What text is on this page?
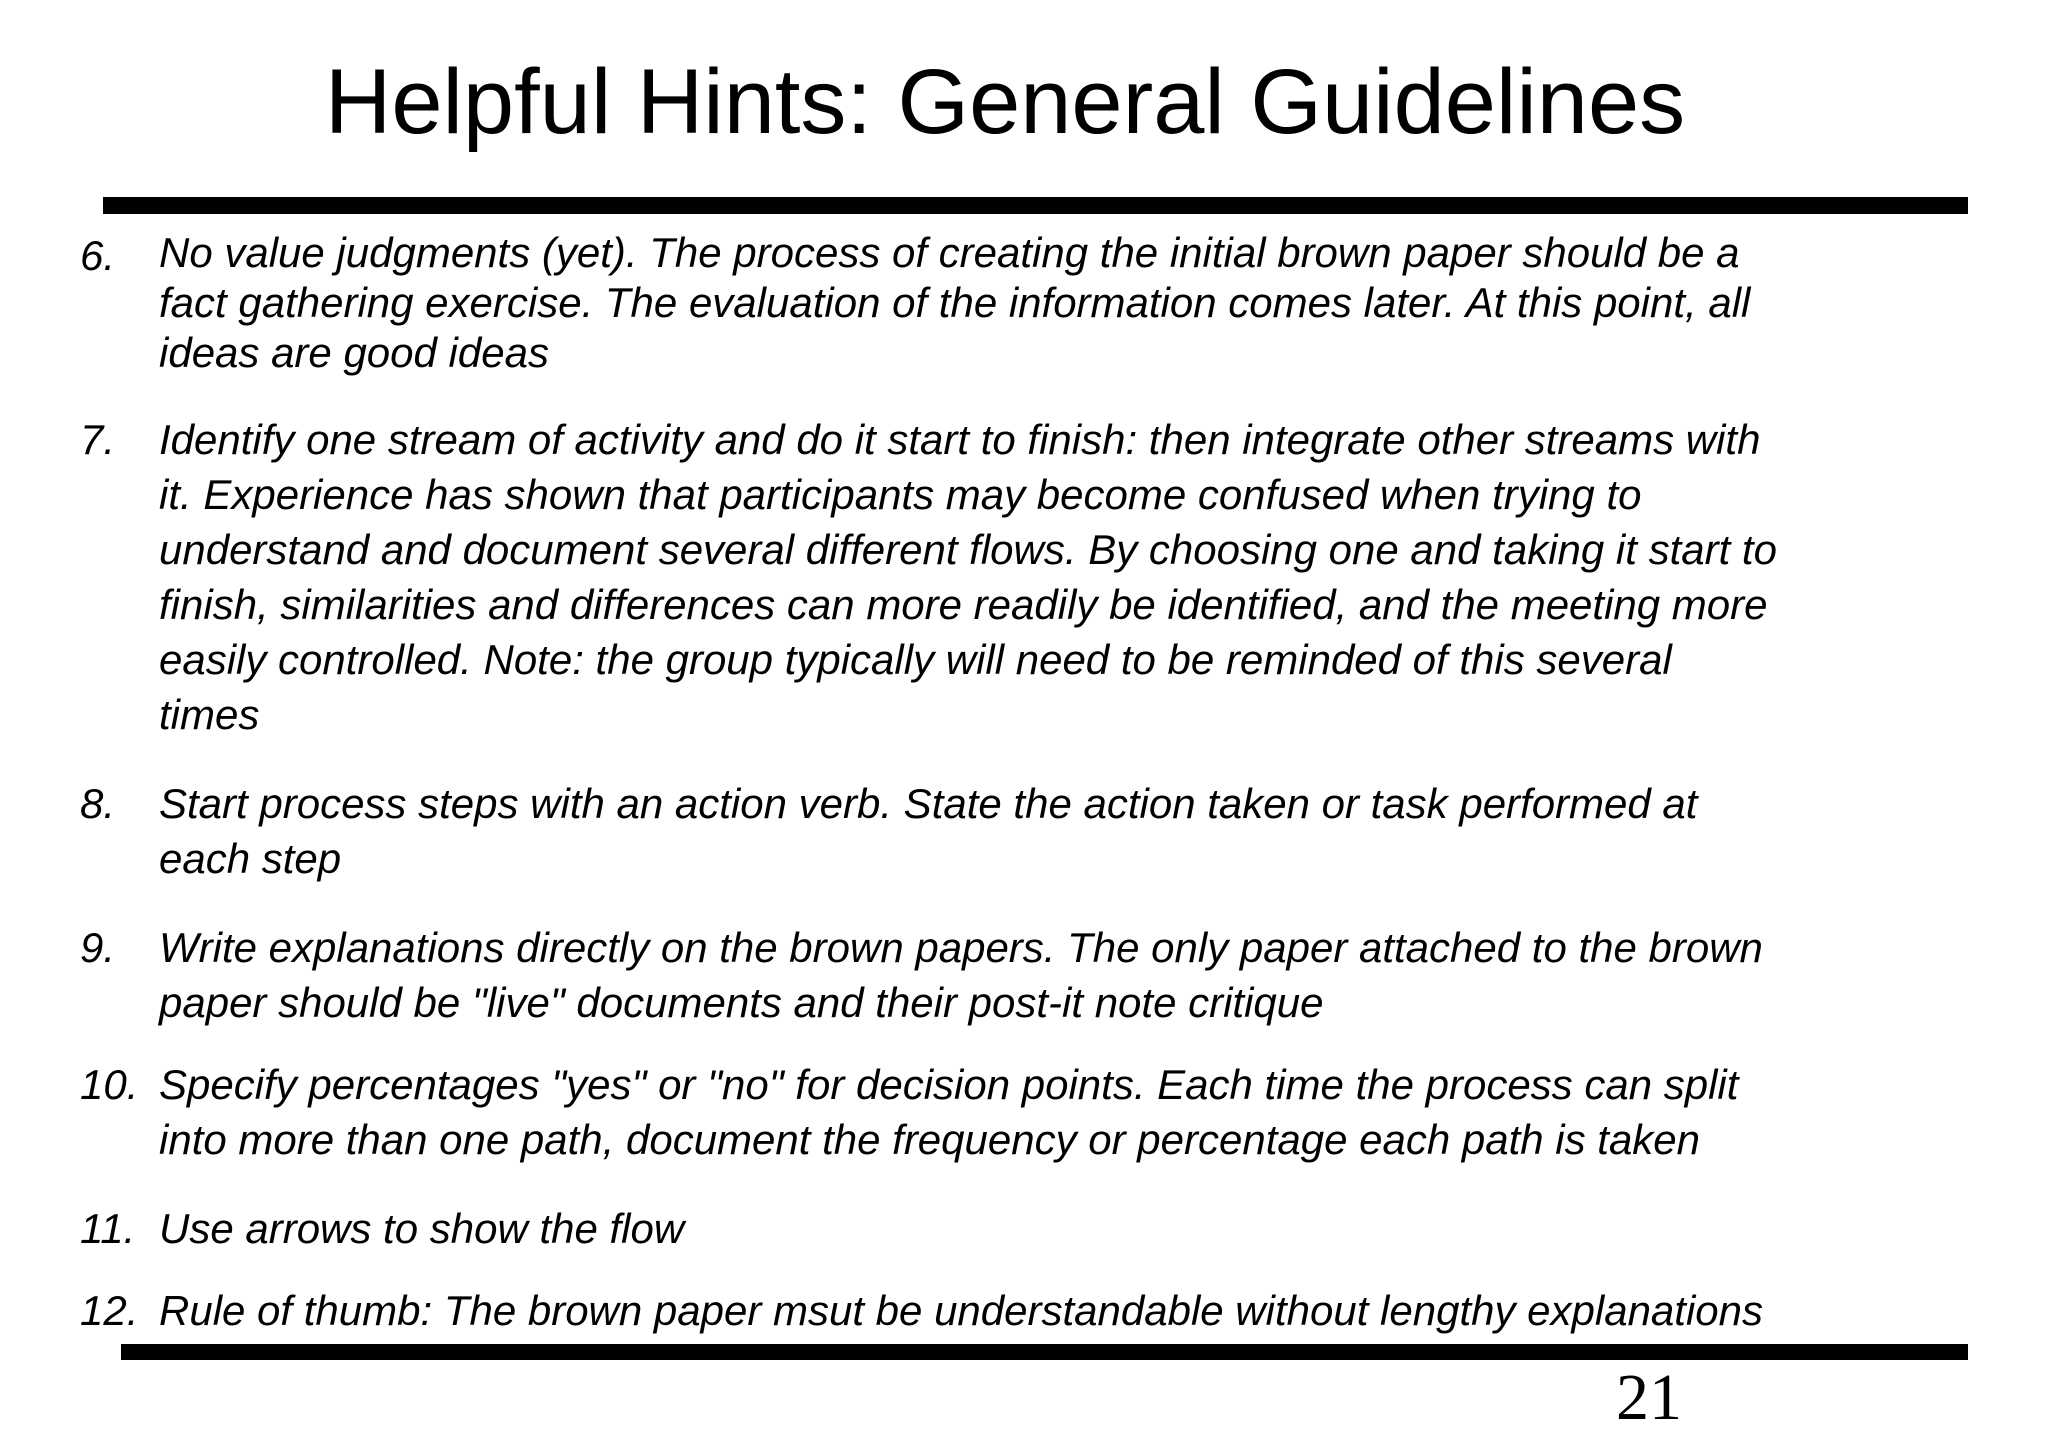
Helpful Hints: General Guidelines
6. No value judgments (yet). The process of creating the initial brown paper should be a
fact gathering exercise. The evaluation of the information comes later. At this point, all
ideas are good ideas
7. Identify one stream of activity and do it start to finish: then integrate other streams with
it. Experience has shown that participants may become confused when trying to
understand and document several different flows. By choosing one and taking it start to
finish, similarities and differences can more readily be identified, and the meeting more
easily controlled. Note: the group typically will need to be reminded of this several
times
8. Start process steps with an action verb. State the action taken or task performed at
each step
9. Write explanations directly on the brown papers. The only paper attached to the brown
paper should be "live" documents and their post-it note critique
10. Specify percentages "yes" or "no" for decision points. Each time the process can split
into more than one path, document the frequency or percentage each path is taken
11. Use arrows to show the flow
12. Rule of thumb: The brown paper msut be understandable without lengthy explanations
21
